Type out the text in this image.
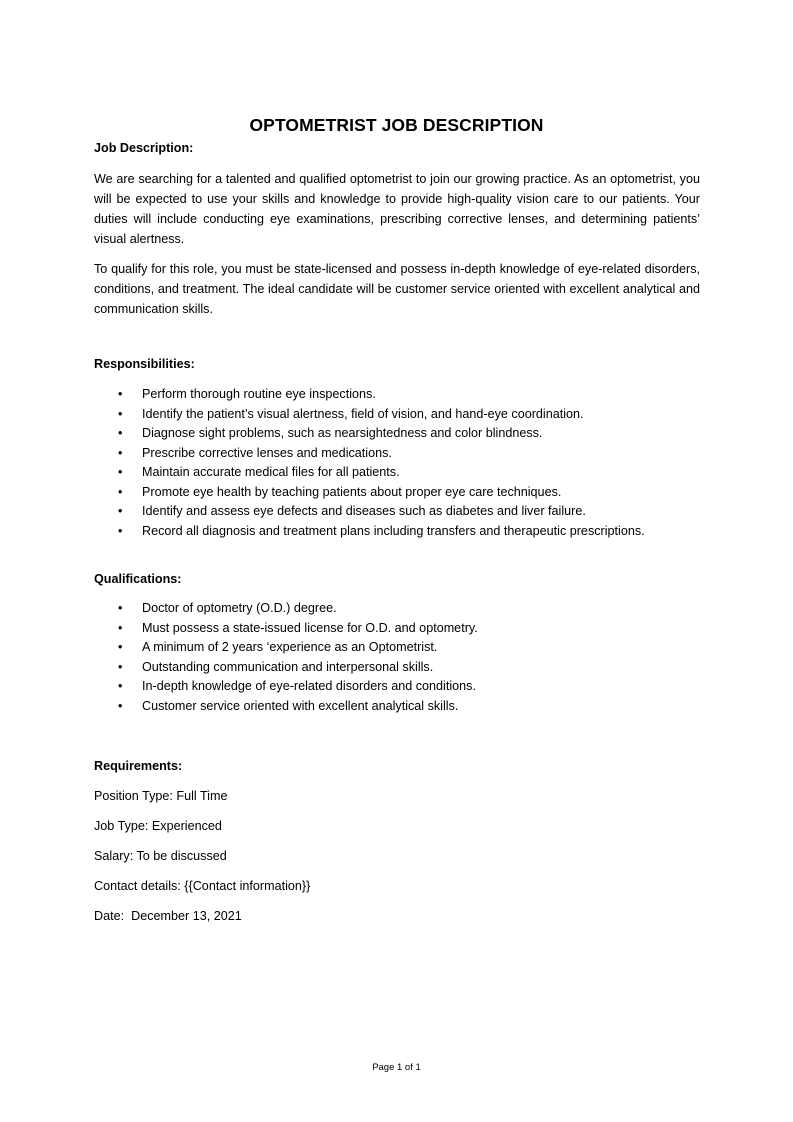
OPTOMETRIST JOB DESCRIPTION

Job Description:

We are searching for a talented and qualified optometrist to join our growing practice. As an optometrist, you will be expected to use your skills and knowledge to provide high-quality vision care to our patients. Your duties will include conducting eye examinations, prescribing corrective lenses, and determining patients’ visual alertness.

To qualify for this role, you must be state-licensed and possess in-depth knowledge of eye-related disorders, conditions, and treatment. The ideal candidate will be customer service oriented with excellent analytical and communication skills.

Responsibilities:

• Perform thorough routine eye inspections.
• Identify the patient’s visual alertness, field of vision, and hand-eye coordination.
• Diagnose sight problems, such as nearsightedness and color blindness.
• Prescribe corrective lenses and medications.
• Maintain accurate medical files for all patients.
• Promote eye health by teaching patients about proper eye care techniques.
• Identify and assess eye defects and diseases such as diabetes and liver failure.
• Record all diagnosis and treatment plans including transfers and therapeutic prescriptions.

Qualifications:

• Doctor of optometry (O.D.) degree.
• Must possess a state-issued license for O.D. and optometry.
• A minimum of 2 years ‘experience as an Optometrist.
• Outstanding communication and interpersonal skills.
• In-depth knowledge of eye-related disorders and conditions.
• Customer service oriented with excellent analytical skills.

Requirements:

Position Type: Full Time

Job Type: Experienced

Salary: To be discussed

Contact details: {{Contact information}}

Date:  December 13, 2021

Page 1 of 1
